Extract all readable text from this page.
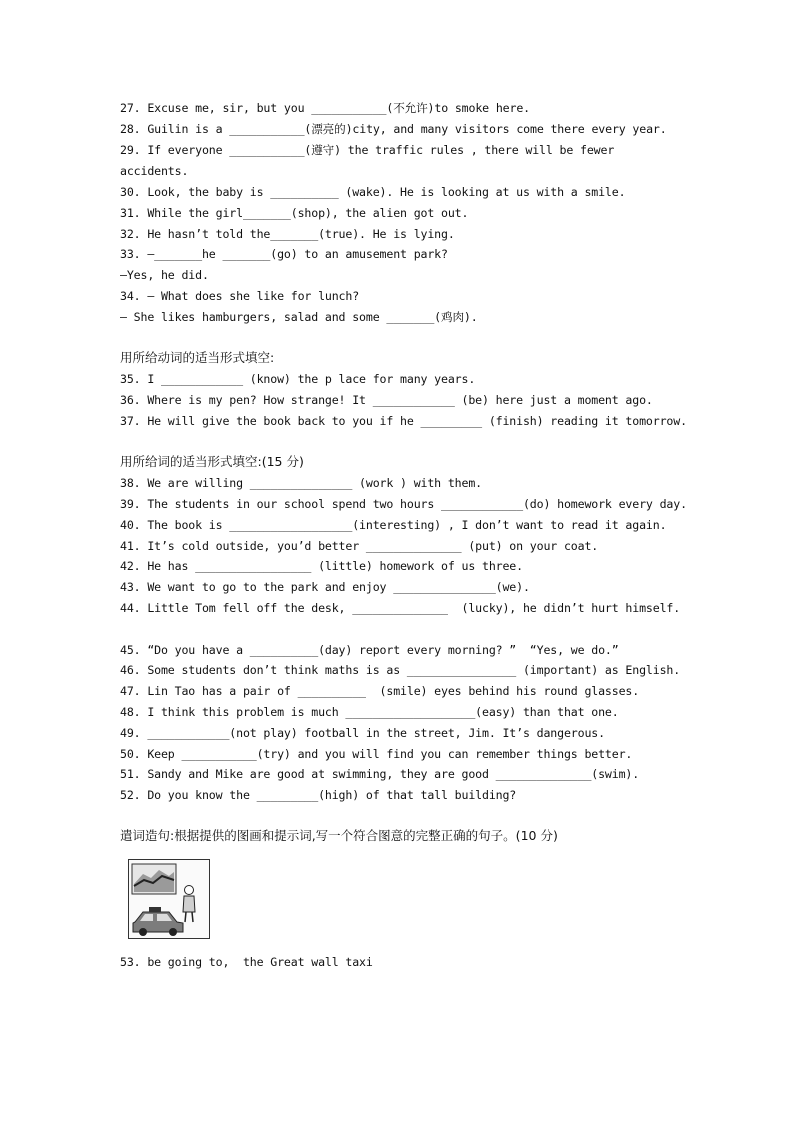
27. Excuse me, sir, but you ___________(不允许)to smoke here.
28. Guilin is a ___________(漂亮的)city, and many visitors come there every year.
29. If everyone ___________(遵守) the traffic rules , there will be fewer
accidents.
30. Look, the baby is __________ (wake). He is looking at us with a smile.
31. While the girl_______(shop), the alien got out.
32. He hasn’t told the_______(true). He is lying.
33. —_______he _______(go) to an amusement park?
—Yes, he did.
34. — What does she like for lunch?
— She likes hamburgers, salad and some _______(鸡肉).
用所给动词的适当形式填空:
35. I ____________ (know) the p lace for many years.
36. Where is my pen? How strange! It ____________ (be) here just a moment ago.
37. He will give the book back to you if he _________ (finish) reading it tomorrow.
用所给词的适当形式填空:(15 分)
38. We are willing _______________ (work ) with them.
39. The students in our school spend two hours ____________(do) homework every day.
40. The book is __________________(interesting) , I don’t want to read it again.
41. It’s cold outside, you’d better ______________ (put) on your coat.
42. He has _________________ (little) homework of us three.
43. We want to go to the park and enjoy _______________(we).
44. Little Tom fell off the desk, ______________  (lucky), he didn’t hurt himself.
45. “Do you have a __________(day) report every morning? ”  “Yes, we do.”
46. Some students don’t think maths is as ________________ (important) as English.
47. Lin Tao has a pair of __________  (smile) eyes behind his round glasses.
48. I think this problem is much ___________________(easy) than that one.
49. ____________(not play) football in the street, Jim. It’s dangerous.
50. Keep ___________(try) and you will find you can remember things better.
51. Sandy and Mike are good at swimming, they are good ______________(swim).
52. Do you know the _________(high) of that tall building?
遣词造句:根据提供的图画和提示词,写一个符合图意的完整正确的句子。(10 分)
53. be going to,  the Great wall taxi
